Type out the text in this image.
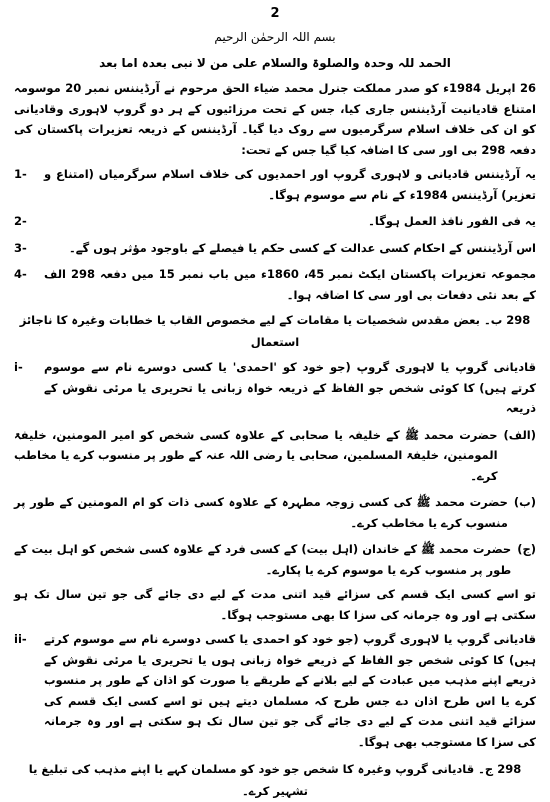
2
بسم اللہ الرحمٰن الرحیم
الحمد للہ وحدہ والصلوۃ والسلام علی من لا نبی بعدہ اما بعد

26 اپریل 1984ء کو صدر مملکت جنرل محمد ضیاء الحق مرحوم نے آرڈیننس نمبر 20 موسومہ امتناع قادیانیت آرڈیننس جاری کیا، جس کے تحت مرزائیوں کے ہر دو گروپ لاہوری وقادیانی کو ان کی خلاف اسلام سرگرمیوں سے روک دیا گیا۔ آرڈیننس کے ذریعہ تعزیرات پاکستان کی دفعہ 298 بی اور سی کا اضافہ کیا گیا جس کے تحت:

یہ آرڈیننس قادیانی و لاہوری گروپ اور احمدیوں کی خلاف اسلام سرگرمیاں (امتناع و تعزیر) آرڈیننس 1984ء کے نام سے موسوم ہوگا۔
1-
یہ فی الفور نافذ العمل ہوگا۔
2-
اس آرڈیننس کے احکام کسی عدالت کے کسی حکم یا فیصلے کے باوجود مؤثر ہوں گے۔
3-
مجموعہ تعزیرات پاکستان ایکٹ نمبر 45، 1860ء میں باب نمبر 15 میں دفعہ 298 الف کے بعد نئی دفعات بی اور سی کا اضافہ ہوا۔
4-
298 ب۔ بعض مقدس شخصیات یا مقامات کے لیے مخصوص القاب یا خطابات وغیرہ کا ناجائز استعمال
قادیانی گروپ یا لاہوری گروپ (جو خود کو 'احمدی' یا کسی دوسرے نام سے موسوم کرتے ہیں) کا کوئی شخص جو الفاظ کے ذریعہ خواہ زبانی یا تحریری یا مرئی نقوش کے ذریعہ
i-
(الف)
حضرت محمد ﷺ کے خلیفہ یا صحابی کے علاوہ کسی شخص کو امیر المومنین، خلیفۃ المومنین، خلیفۃ المسلمین، صحابی یا رضی اللہ عنہ کے طور پر منسوب کرے یا مخاطب کرے۔
(ب)
حضرت محمد ﷺ کی کسی زوجہ مطہرہ کے علاوہ کسی ذات کو ام المومنین کے طور پر منسوب کرے یا مخاطب کرے۔
(ج)
حضرت محمد ﷺ کے خاندان (اہل بیت) کے کسی فرد کے علاوہ کسی شخص کو اہل بیت کے طور پر منسوب کرے یا موسوم کرے یا پکارے۔

تو اسے کسی ایک قسم کی سزائے قید اتنی مدت کے لیے دی جائے گی جو تین سال تک ہو سکتی ہے اور وہ جرمانہ کی سزا کا بھی مستوجب ہوگا۔

قادیانی گروپ یا لاہوری گروپ (جو خود کو احمدی یا کسی دوسرے نام سے موسوم کرتے ہیں) کا کوئی شخص جو الفاظ کے ذریعے خواہ زبانی ہوں یا تحریری یا مرئی نقوش کے ذریعے اپنے مذہب میں عبادت کے لیے بلانے کے طریقے یا صورت کو اذان کے طور پر منسوب کرے یا اس طرح اذان دے جس طرح کہ مسلمان دیتے ہیں تو اسے کسی ایک قسم کی سزائے قید اتنی مدت کے لیے دی جائے گی جو تین سال تک ہو سکتی ہے اور وہ جرمانہ کی سزا کا مستوجب بھی ہوگا۔
ii-
298 ج۔ قادیانی گروپ وغیرہ کا شخص جو خود کو مسلمان کہے یا اپنے مذہب کی تبلیغ یا تشہیر کرے۔
